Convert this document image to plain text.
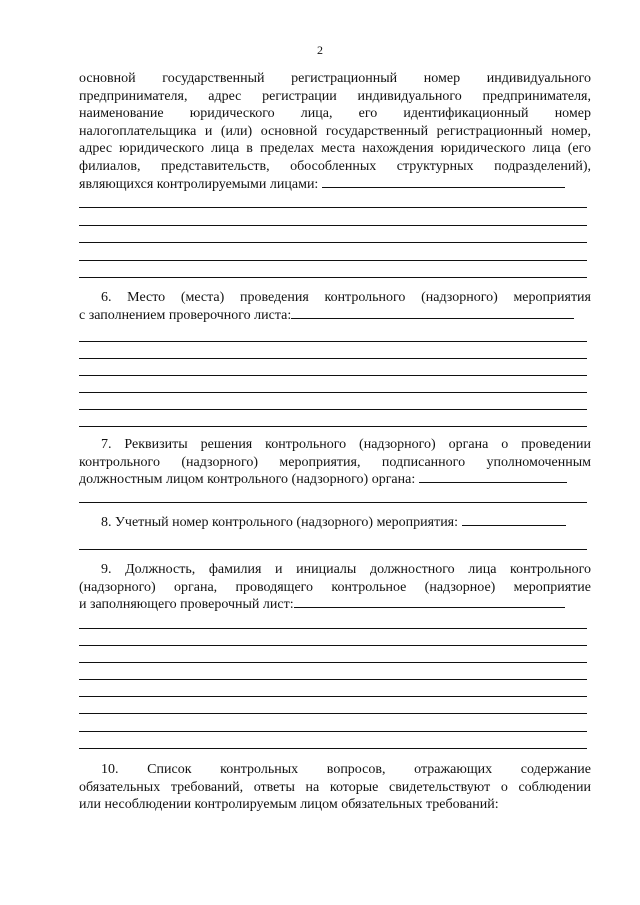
2
основной государственный регистрационный номер индивидуального
предпринимателя, адрес регистрации индивидуального предпринимателя,
наименование юридического лица, его идентификационный номер
налогоплательщика и (или) основной государственный регистрационный номер,
адрес юридического лица в пределах места нахождения юридического лица (его
филиалов, представительств, обособленных структурных подразделений),
являющихся контролируемыми лицами:
6. Место (места) проведения контрольного (надзорного) мероприятия
с заполнением проверочного листа:
7. Реквизиты решения контрольного (надзорного) органа о проведении
контрольного (надзорного) мероприятия, подписанного уполномоченным
должностным лицом контрольного (надзорного) органа:
8. Учетный номер контрольного (надзорного) мероприятия:
9. Должность, фамилия и инициалы должностного лица контрольного
(надзорного) органа, проводящего контрольное (надзорное) мероприятие
и заполняющего проверочный лист:
10. Список контрольных вопросов, отражающих содержание
обязательных требований, ответы на которые свидетельствуют о соблюдении
или несоблюдении контролируемым лицом обязательных требований:
